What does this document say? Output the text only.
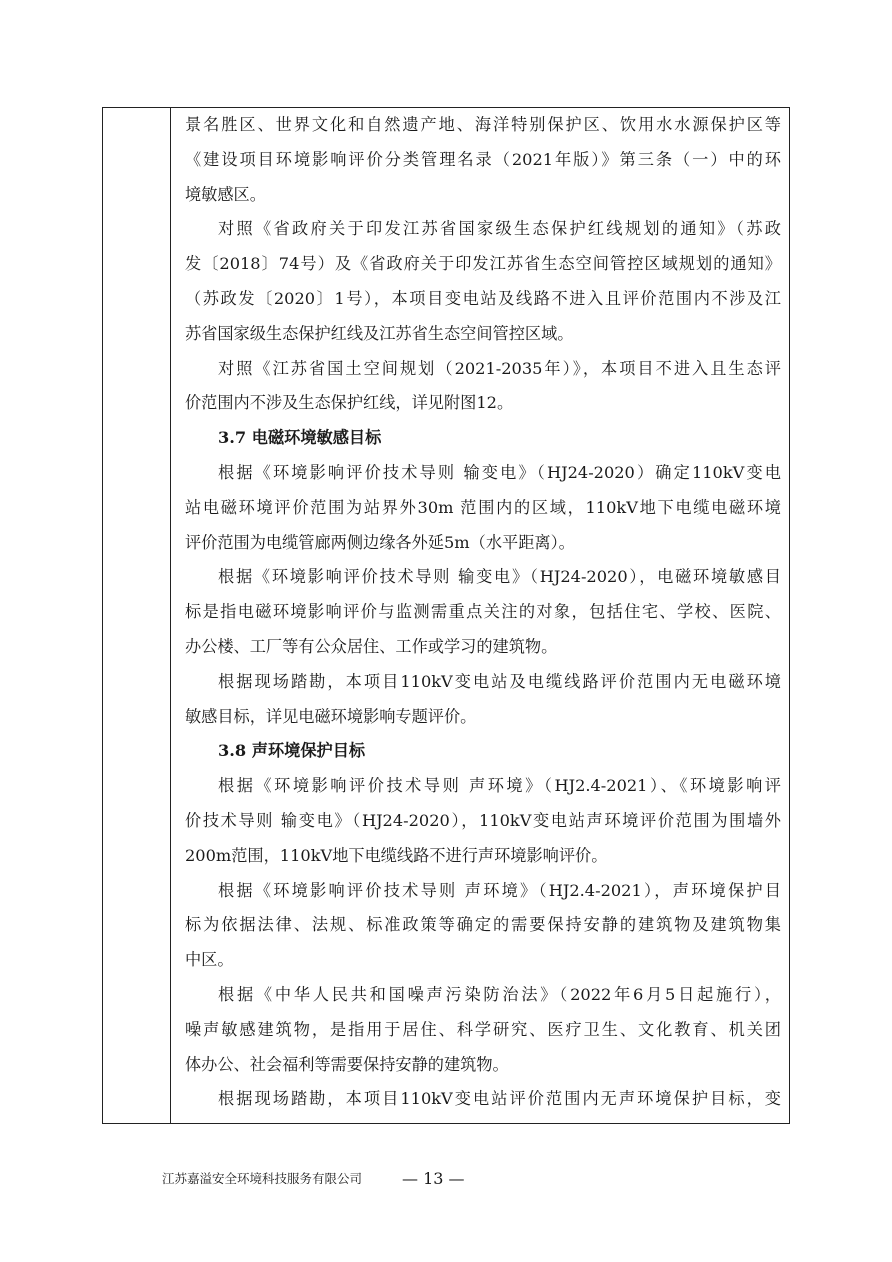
景名胜区、世界文化和自然遗产地、海洋特别保护区、饮用水水源保护区等
《建设项目环境影响评价分类管理名录（2021年版）》第三条（一）中的环
境敏感区。
对照《省政府关于印发江苏省国家级生态保护红线规划的通知》（苏政
发〔2018〕74号）及《省政府关于印发江苏省生态空间管控区域规划的通知》
（苏政发〔2020〕1号），本项目变电站及线路不进入且评价范围内不涉及江
苏省国家级生态保护红线及江苏省生态空间管控区域。
对照《江苏省国土空间规划（2021-2035年）》，本项目不进入且生态评
价范围内不涉及生态保护红线，详见附图12。
3.7 电磁环境敏感目标
根据《环境影响评价技术导则 输变电》（HJ24-2020）确定110kV变电
站电磁环境评价范围为站界外30m 范围内的区域，110kV地下电缆电磁环境
评价范围为电缆管廊两侧边缘各外延5m（水平距离）。
根据《环境影响评价技术导则 输变电》（HJ24-2020），电磁环境敏感目
标是指电磁环境影响评价与监测需重点关注的对象，包括住宅、学校、医院、
办公楼、工厂等有公众居住、工作或学习的建筑物。
根据现场踏勘，本项目110kV变电站及电缆线路评价范围内无电磁环境
敏感目标，详见电磁环境影响专题评价。
3.8 声环境保护目标
根据《环境影响评价技术导则 声环境》（HJ2.4-2021）、《环境影响评
价技术导则 输变电》（HJ24-2020），110kV变电站声环境评价范围为围墙外
200m范围，110kV地下电缆线路不进行声环境影响评价。
根据《环境影响评价技术导则 声环境》（HJ2.4-2021），声环境保护目
标为依据法律、法规、标准政策等确定的需要保持安静的建筑物及建筑物集
中区。
根据《中华人民共和国噪声污染防治法》（2022年6月5日起施行），
噪声敏感建筑物，是指用于居住、科学研究、医疗卫生、文化教育、机关团
体办公、社会福利等需要保持安静的建筑物。
根据现场踏勘，本项目110kV变电站评价范围内无声环境保护目标，变
江苏嘉溢安全环境科技服务有限公司 — 13 —
